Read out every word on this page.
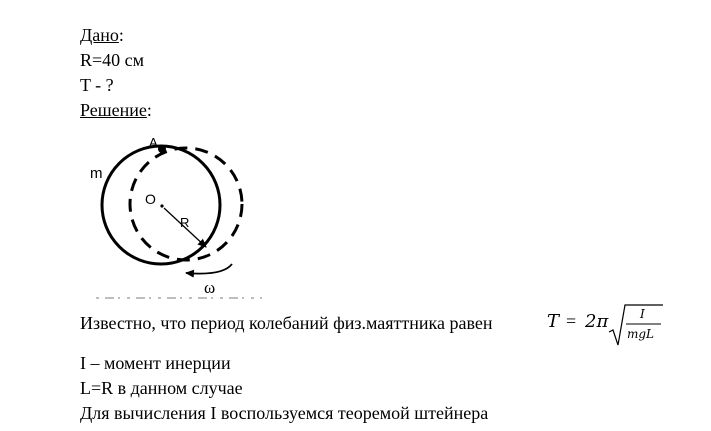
Дано:
R=40 см
T - ?
Решение:
A
m
O
R
ω
Известно, что период колебаний физ.маяттника равен	T = 2π	I
mgL
I – момент инерции
L=R в данном случае
Для вычисления I воспользуемся теоремой штейнера
